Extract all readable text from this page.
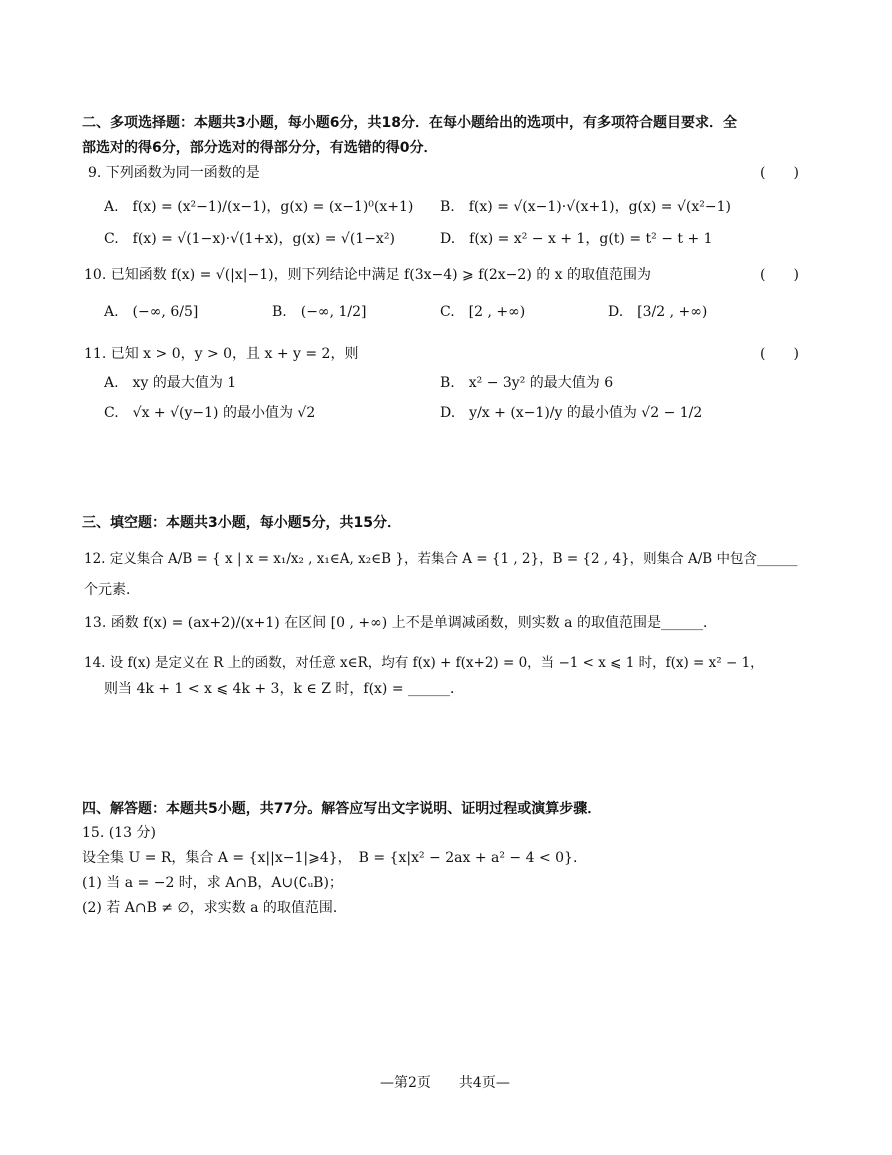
二、多项选择题：本题共3小题，每小题6分，共18分．在每小题给出的选项中，有多项符合题目要求．全
部选对的得6分，部分选对的得部分分，有选错的得0分．
9. 下列函数为同一函数的是	(　　)
A.　f(x) = (x²−1)/(x−1)，g(x) = (x−1)⁰(x+1) B.　f(x) = √(x−1)·√(x+1)，g(x) = √(x²−1)
C.　f(x) = √(1−x)·√(1+x)，g(x) = √(1−x²)	D.　f(x) = x² − x + 1，g(t) = t² − t + 1
10. 已知函数 f(x) = √(|x|−1)，则下列结论中满足 f(3x−4) ⩾ f(2x−2) 的 x 的取值范围为	(　　)
A.　(−∞, 6/5]	B.　(−∞, 1/2]	C.　[2 , +∞)	D.　[3/2 , +∞)
11. 已知 x > 0，y > 0，且 x + y = 2，则	(　　)
A.　xy 的最大值为 1	B.　x² − 3y² 的最大值为 6
C.　√x + √(y−1) 的最小值为 √2	D.　y/x + (x−1)/y 的最小值为 √2 − 1/2
三、填空题：本题共3小题，每小题5分，共15分．
12. 定义集合 A/B = { x | x = x₁/x₂ , x₁∈A, x₂∈B }，若集合 A = {1 , 2}，B = {2 , 4}，则集合 A/B 中包含______
个元素．
13. 函数 f(x) = (ax+2)/(x+1) 在区间 [0 , +∞) 上不是单调减函数，则实数 a 的取值范围是______．
14. 设 f(x) 是定义在 R 上的函数，对任意 x∈R，均有 f(x) + f(x+2) = 0，当 −1 < x ⩽ 1 时，f(x) = x² − 1，
则当 4k + 1 < x ⩽ 4k + 3，k ∈ Z 时，f(x) = ______．
四、解答题：本题共5小题，共77分。解答应写出文字说明、证明过程或演算步骤．
15. (13 分)
设全集 U = R，集合 A = {x||x−1|⩾4}，　B = {x|x² − 2ax + a² − 4 < 0}.
(1) 当 a = −2 时，求 A∩B，A∪(∁ᵤB)；
(2) 若 A∩B ≠ ∅，求实数 a 的取值范围．
—第2页　　共4页—
